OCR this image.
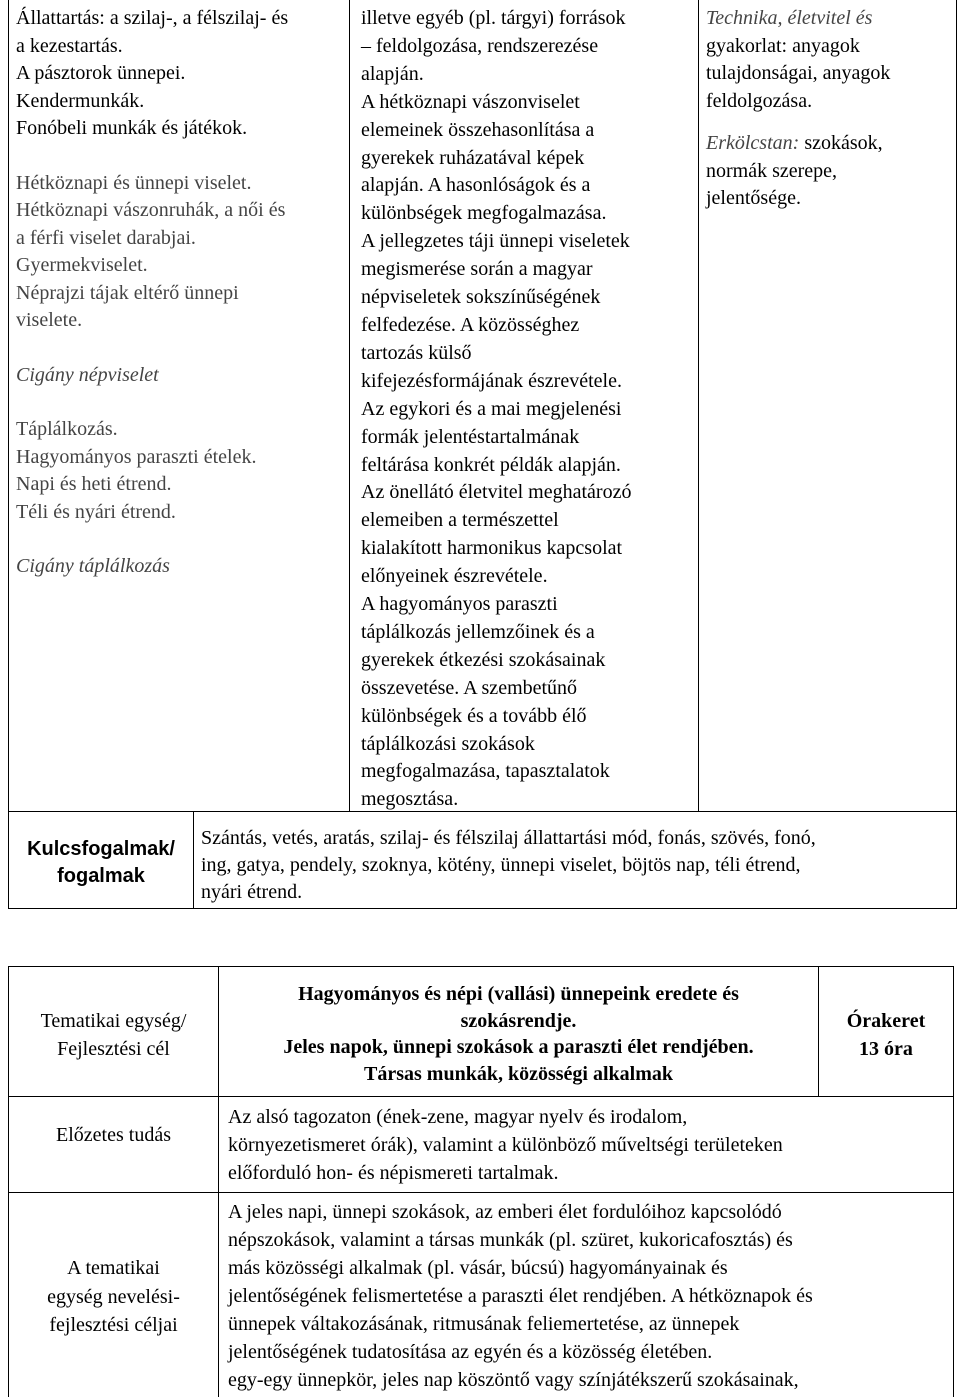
Állattartás: a szilaj-, a félszilaj- és

a kezestartás.

A pásztorok ünnepei.

Kendermunkák.

Fonóbeli munkák és játékok.

Hétköznapi és ünnepi viselet.

Hétköznapi vászonruhák, a női és

a férfi viselet darabjai.

Gyermekviselet.

Néprajzi tájak eltérő ünnepi

viselete.

Cigány népviselet

Táplálkozás.

Hagyományos paraszti ételek.

Napi és heti étrend.

Téli és nyári étrend.

Cigány táplálkozás

illetve egyéb (pl. tárgyi) források

– feldolgozása, rendszerezése

alapján.

A hétköznapi vászonviselet

elemeinek összehasonlítása a

gyerekek ruházatával képek

alapján. A hasonlóságok és a

különbségek megfogalmazása.

A jellegzetes táji ünnepi viseletek

megismerése során a magyar

népviseletek sokszínűségének

felfedezése. A közösséghez

tartozás külső

kifejezésformájának észrevétele.

Az egykori és a mai megjelenési

formák jelentéstartalmának

feltárása konkrét példák alapján.

Az önellátó életvitel meghatározó

elemeiben a természettel

kialakított harmonikus kapcsolat

előnyeinek észrevétele.

A hagyományos paraszti

táplálkozás jellemzőinek és a

gyerekek étkezési szokásainak

összevetése. A szembetűnő

különbségek és a tovább élő

táplálkozási szokások

megfogalmazása, tapasztalatok

megosztása.

Technika, életvitel és

gyakorlat: anyagok

tulajdonságai, anyagok

feldolgozása.

Erkölcstan: szokások,

normák szerepe,

jelentősége.

Kulcsfogalmak/

fogalmak

Szántás, vetés, aratás, szilaj- és félszilaj állattartási mód, fonás, szövés, fonó,

ing, gatya, pendely, szoknya, kötény, ünnepi viselet, böjtös nap, téli étrend,

nyári étrend.

Tematikai egység/

Fejlesztési cél

Hagyományos és népi (vallási) ünnepeink eredete és

szokásrendje.

Jeles napok, ünnepi szokások a paraszti élet rendjében.

Társas munkák, közösségi alkalmak

Órakeret

13 óra

Előzetes tudás

Az alsó tagozaton (ének-zene, magyar nyelv és irodalom,

környezetismeret órák), valamint a különböző műveltségi területeken

előforduló hon- és népismereti tartalmak.

A tematikai

egység nevelési-

fejlesztési céljai

A jeles napi, ünnepi szokások, az emberi élet fordulóihoz kapcsolódó

népszokások, valamint a társas munkák (pl. szüret, kukoricafosztás) és

más közösségi alkalmak (pl. vásár, búcsú) hagyományainak és

jelentőségének felismertetése a paraszti élet rendjében. A hétköznapok és

ünnepek váltakozásának, ritmusának feliemertetése, az ünnepek

jelentőségének tudatosítása az egyén és a közösség életében.

egy-egy ünnepkör, jeles nap köszöntő vagy színjátékszerű szokásainak,
